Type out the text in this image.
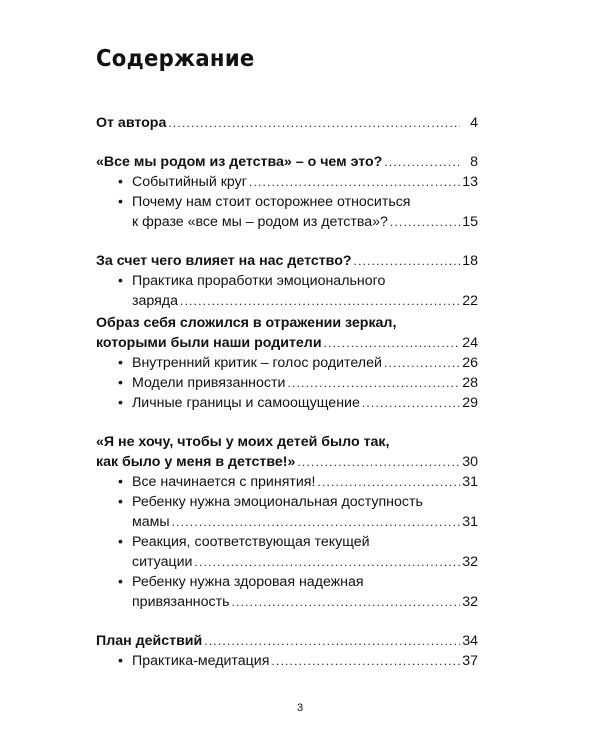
Содержание
От автора .....	4
«Все мы родом из детства» – о чем это? .....	8
• Событийный круг .....	13
• Почему нам стоит осторожнее относиться
к фразе «все мы – родом из детства»? .....	15
За счет чего влияет на нас детство? .....	18
• Практика проработки эмоционального
заряда .....	22
Образ себя сложился в отражении зеркал,
которыми были наши родители .....	24
• Внутренний критик – голос родителей .....	26
• Модели привязанности .....	28
• Личные границы и самоощущение .....	29
«Я не хочу, чтобы у моих детей было так,
как было у меня в детстве!» .....	30
• Все начинается с принятия! .....	31
• Ребенку нужна эмоциональная доступность
мамы .....	31
• Реакция, соответствующая текущей
ситуации .....	32
• Ребенку нужна здоровая надежная
привязанность .....	32
План действий .....	34
• Практика-медитация .....	37
3
